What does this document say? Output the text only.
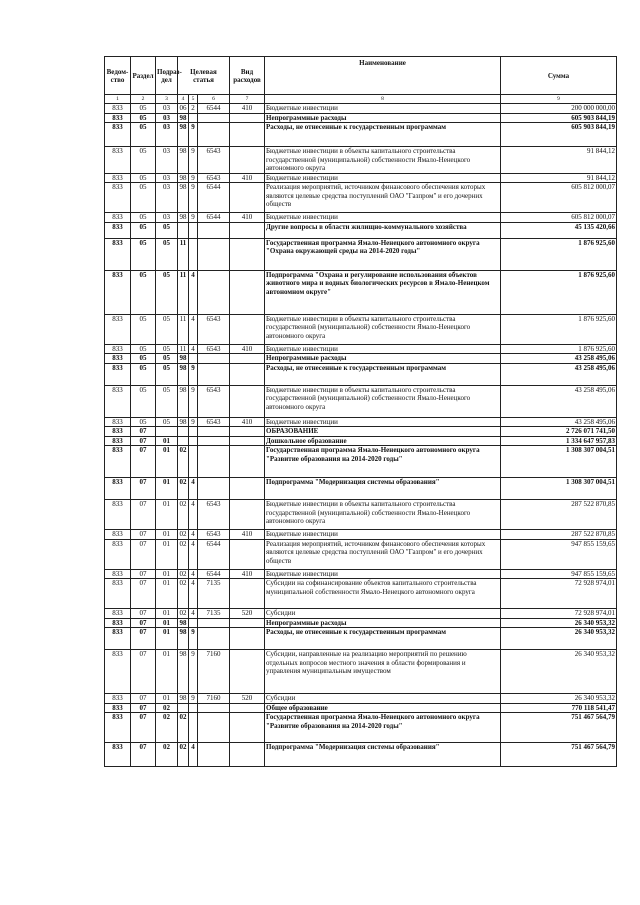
Ведом-ство	Раздел	Подраз-дел	Целевая статья			Вид расходов	Наименование	Сумма
1	2	3	4	5	6	7	8	9
833	05	03	06	2	6544	410	Бюджетные инвестиции	200 000 000,00
833	05	03	98				Непрограммные расходы	605 903 844,19
833	05	03	98	9			Расходы, не отнесенные к государственным программам	605 903 844,19
833	05	03	98	9	6543		Бюджетные инвестиции в объекты капитального строительства государственной (муниципальной) собственности Ямало-Ненецкого автономного округа	91 844,12
833	05	03	98	9	6543	410	Бюджетные инвестиции	91 844,12
833	05	03	98	9	6544		Реализация мероприятий, источником финансового обеспечения которых являются целевые средства поступлений ОАО "Газпром" и его дочерних обществ	605 812 000,07
833	05	03	98	9	6544	410	Бюджетные инвестиции	605 812 000,07
833	05	05					Другие вопросы в области жилищно-коммунального хозяйства	45 135 420,66
833	05	05	11				Государственная программа Ямало-Ненецкого автономного округа "Охрана окружающей среды на 2014-2020 годы"	1 876 925,60
833	05	05	11	4			Подпрограмма "Охрана и регулирование использования объектов животного мира и водных биологических ресурсов в Ямало-Ненецком автономном округе"	1 876 925,60
833	05	05	11	4	6543		Бюджетные инвестиции в объекты капитального строительства государственной (муниципальной) собственности Ямало-Ненецкого автономного округа	1 876 925,60
833	05	05	11	4	6543	410	Бюджетные инвестиции	1 876 925,60
833	05	05	98				Непрограммные расходы	43 258 495,06
833	05	05	98	9			Расходы, не отнесенные к государственным программам	43 258 495,06
833	05	05	98	9	6543		Бюджетные инвестиции в объекты капитального строительства государственной (муниципальной) собственности Ямало-Ненецкого автономного округа	43 258 495,06
833	05	05	98	9	6543	410	Бюджетные инвестиции	43 258 495,06
833	07						ОБРАЗОВАНИЕ	2 726 071 741,50
833	07	01					Дошкольное образование	1 334 647 957,83
833	07	01	02				Государственная программа Ямало-Ненецкого автономного округа "Развитие образования на 2014-2020 годы"	1 308 307 004,51
833	07	01	02	4			Подпрограмма "Модернизация системы образования"	1 308 307 004,51
833	07	01	02	4	6543		Бюджетные инвестиции в объекты капитального строительства государственной (муниципальной) собственности Ямало-Ненецкого автономного округа	287 522 870,85
833	07	01	02	4	6543	410	Бюджетные инвестиции	287 522 870,85
833	07	01	02	4	6544		Реализация мероприятий, источником финансового обеспечения которых являются целевые средства поступлений ОАО "Газпром" и его дочерних обществ	947 855 159,65
833	07	01	02	4	6544	410	Бюджетные инвестиции	947 855 159,65
833	07	01	02	4	7135		Субсидии на софинансирование объектов капитального строительства муниципальной собственности Ямало-Ненецкого автономного округа	72 928 974,01
833	07	01	02	4	7135	520	Субсидии	72 928 974,01
833	07	01	98				Непрограммные расходы	26 340 953,32
833	07	01	98	9			Расходы, не отнесенные к государственным программам	26 340 953,32
833	07	01	98	9	7160		Субсидии, направленные на реализацию мероприятий по решению отдельных вопросов местного значения в области формирования и управления муниципальным имуществом	26 340 953,32
833	07	01	98	9	7160	520	Субсидии	26 340 953,32
833	07	02					Общее образование	770 118 541,47
833	07	02	02				Государственная программа Ямало-Ненецкого автономного округа "Развитие образования на 2014-2020 годы"	751 467 564,79
833	07	02	02	4			Подпрограмма "Модернизация системы образования"	751 467 564,79
